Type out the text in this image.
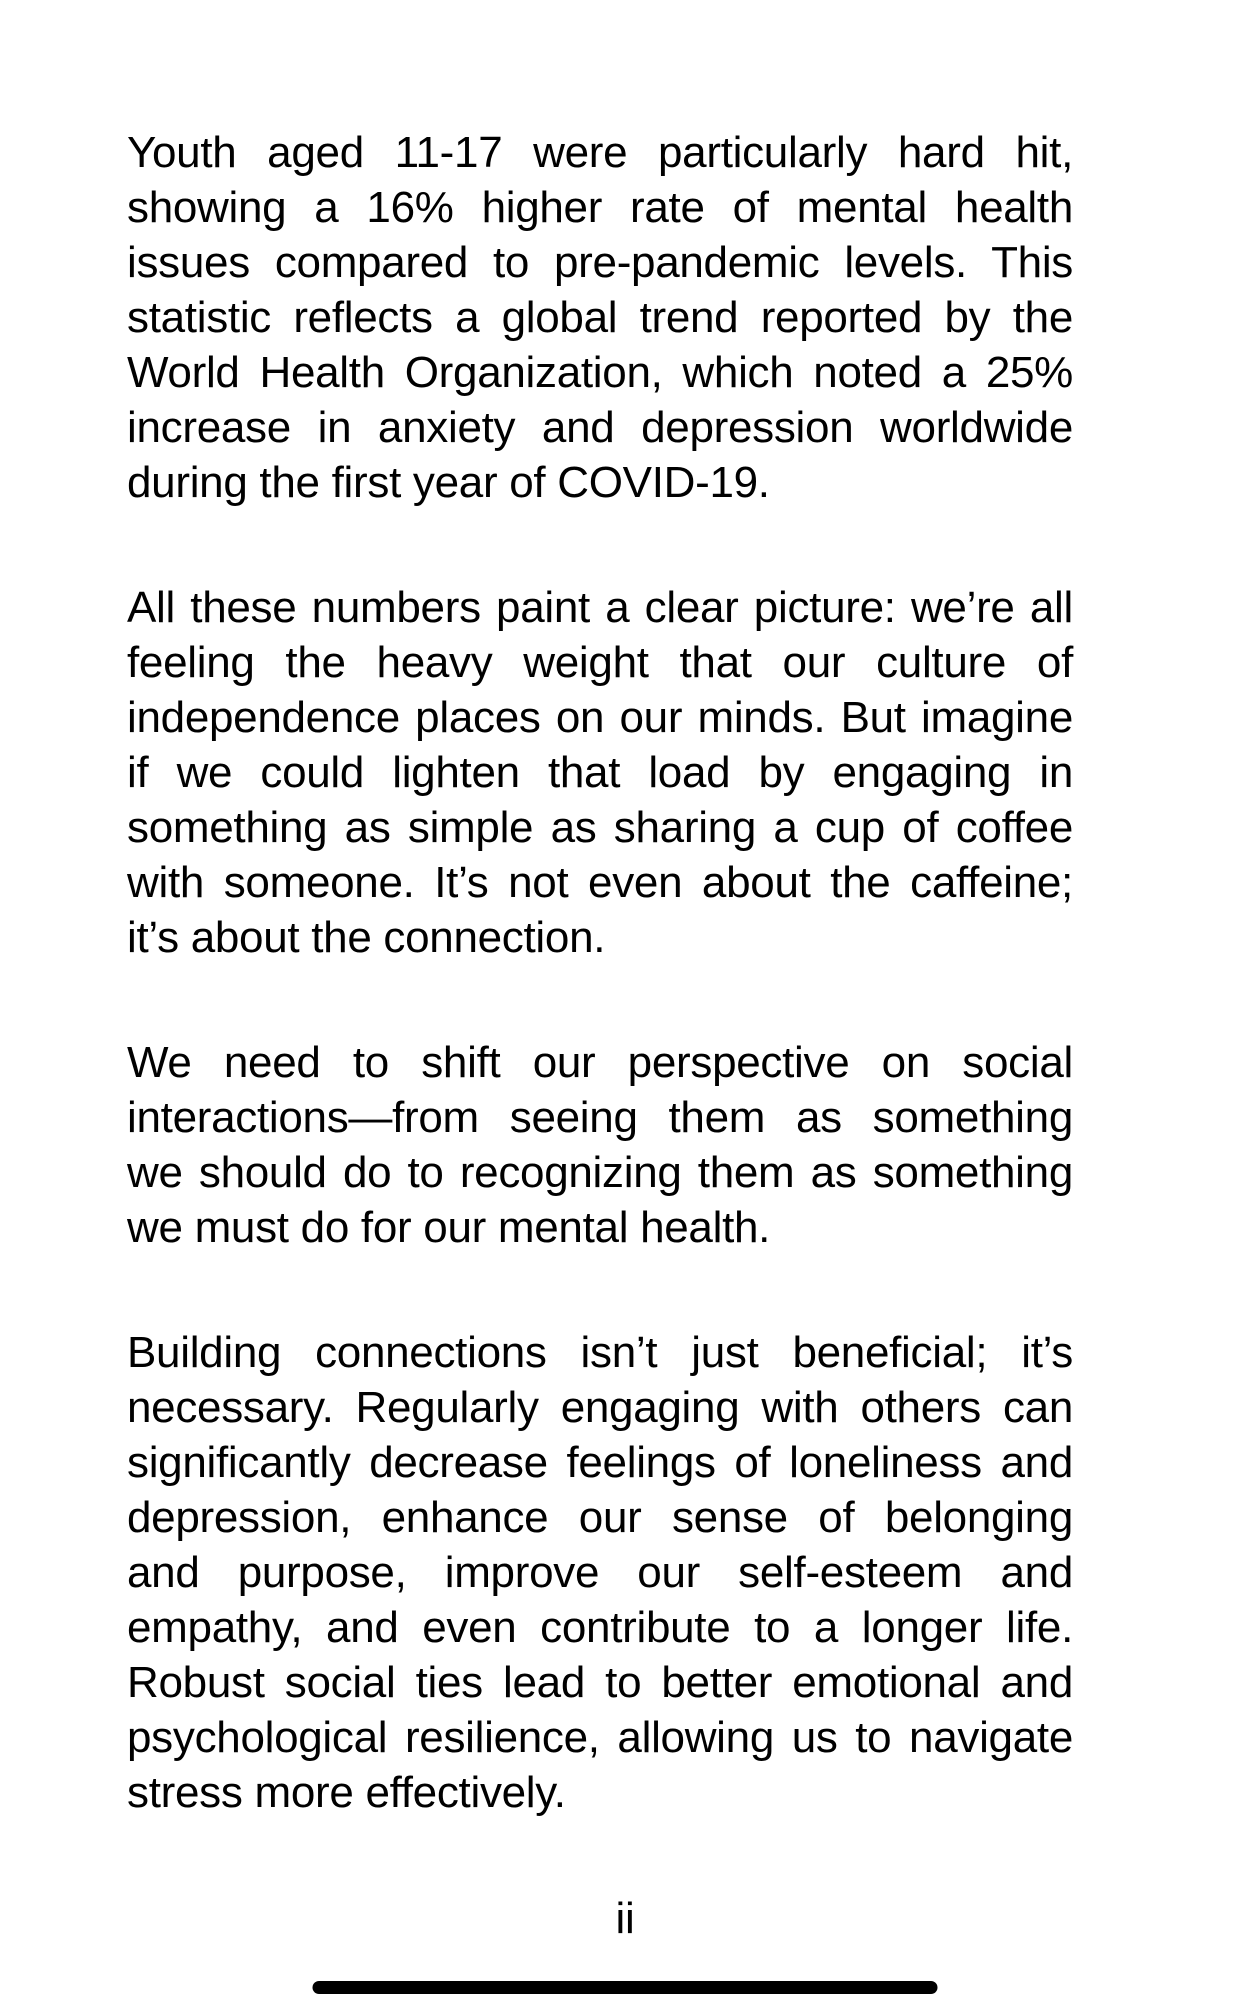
Youth aged 11-17 were particularly hard hit,
showing a 16% higher rate of mental health
issues compared to pre-pandemic levels. This
statistic reflects a global trend reported by the
World Health Organization, which noted a 25%
increase in anxiety and depression worldwide
during the first year of COVID-19.
All these numbers paint a clear picture: we’re all
feeling the heavy weight that our culture of
independence places on our minds. But imagine
if we could lighten that load by engaging in
something as simple as sharing a cup of coffee
with someone. It’s not even about the caffeine;
it’s about the connection.
We need to shift our perspective on social
interactions—from seeing them as something
we should do to recognizing them as something
we must do for our mental health.
Building connections isn’t just beneficial; it’s
necessary. Regularly engaging with others can
significantly decrease feelings of loneliness and
depression, enhance our sense of belonging
and purpose, improve our self-esteem and
empathy, and even contribute to a longer life.
Robust social ties lead to better emotional and
psychological resilience, allowing us to navigate
stress more effectively.
ii
